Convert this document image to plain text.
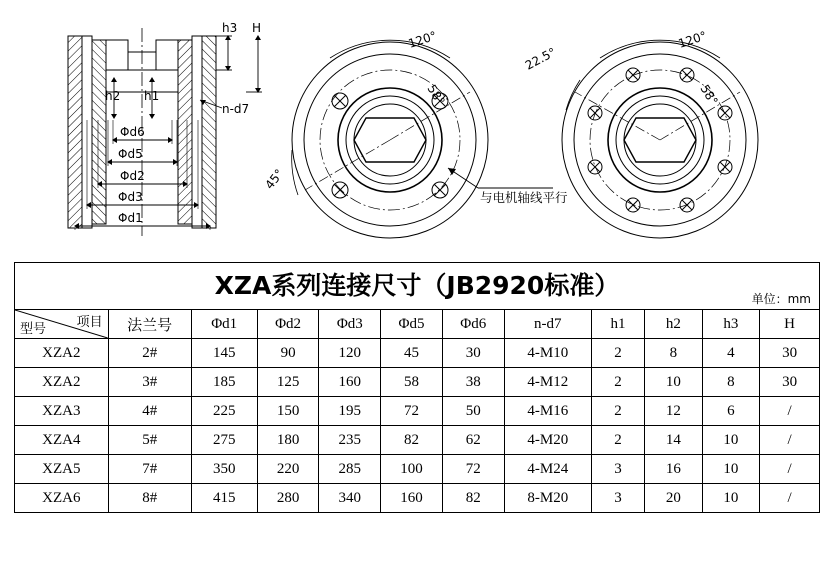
h3 H
h2 h1
n-d7
Φd6
Φd5
Φd2
Φd3
Φd1
120°
58°
45°
120°
22.5°
58°
与电机轴线平行
XZA系列连接尺寸（JB2920标准） 单位：mm											

项目
型号	法兰号	Φd1	Φd2	Φd3	Φd5	Φd6	n-d7	h1	h2	h3	H
XZA2	2#	145	90	120	45	30	4-M10	2	8	4	30
XZA2	3#	185	125	160	58	38	4-M12	2	10	8	30
XZA3	4#	225	150	195	72	50	4-M16	2	12	6	/
XZA4	5#	275	180	235	82	62	4-M20	2	14	10	/
XZA5	7#	350	220	285	100	72	4-M24	3	16	10	/
XZA6	8#	415	280	340	160	82	8-M20	3	20	10	/
